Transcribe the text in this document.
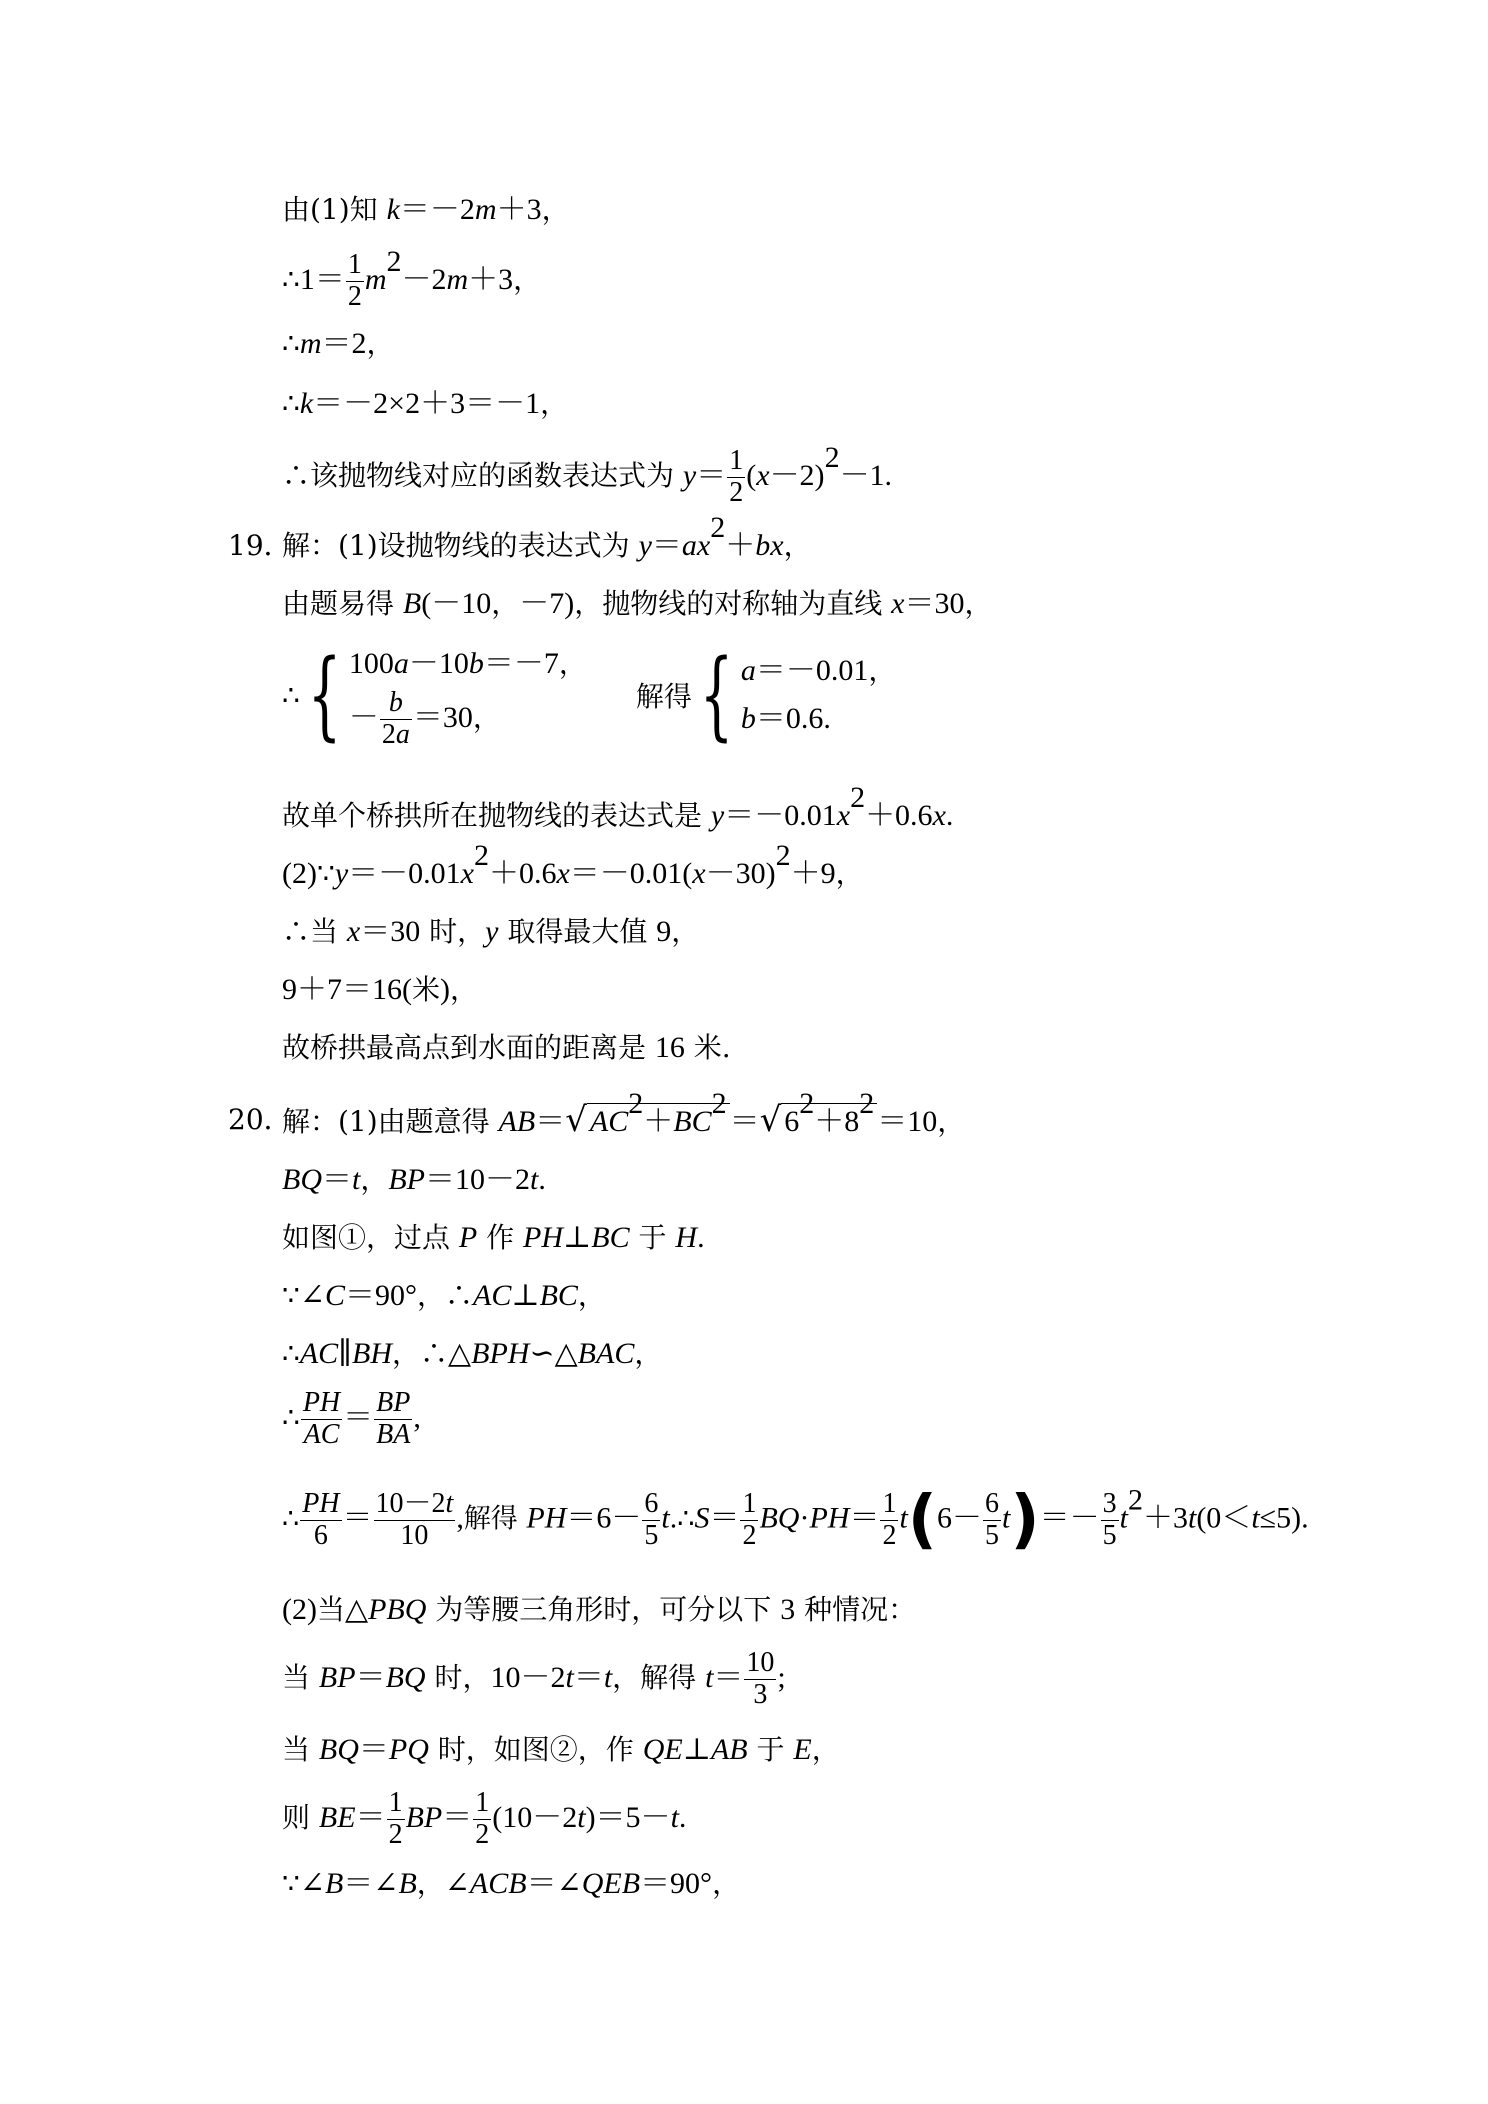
由(1)知 k＝－2m＋3，
∴1＝ $\frac{1}{2} m^2-2m+3$，
∴m＝2，
∴k＝－2×2＋3＝－1，
∴该抛物线对应的函数表达式为 $y= \frac{1}{2} (x-2)^2-1$.
19．
解：(1)设抛物线的表达式为 $y=ax^2+bx$，
由题易得 B(－10，－7)，抛物线的对称轴为直线 x＝30，
∴{ 100a－10b＝－7，
－ $\frac{b}{2a} =30$，
解得{ a＝－0.01，
b＝0.6.
故单个桥拱所在抛物线的表达式是 $y=-0.01x^2+0.6x$.
$(2)\because y=-0.01x^2+0.6x=-0.01(x-30)^2+9$，
∴当 x＝30 时，y 取得最大值 9，
9＋7＝16(米)，
故桥拱最高点到水面的距离是 16 米.
20．
解：(1)由题意得 AB＝√ $AC^2+BC^2=√$ $6^2+8^2=10$，
BQ＝t，BP＝10－2t.
如图①，过点 P 作 PH⊥BC 于 H.
∵∠C＝90°，∴AC⊥BC，
∴AC∥BH，∴△BPH∽△BAC，
∴ $\frac{PH}{AC} = \frac{BP}{BA}$ ,
∴ $\frac{PH}{6} = \frac{10-2t}{10}$ ,解得 $PH=6- \frac{6}{5}$ t.∴S＝ $\frac{1}{2} BQ\cdot PH= \frac{1}{2} t(6- \frac{6}{5} t)=- \frac{3}{5} t^2+3t(0<t\le 5)$.
(2)当△PBQ 为等腰三角形时，可分以下 3 种情况：
当 BP＝BQ 时，10－2t＝t，解得 $t= \frac{10}{3}$ ;
当 BQ＝PQ 时，如图②，作 QE⊥AB 于 E，
则 $BE= \frac{1}{2} BP= \frac{1}{2} (10-2t)=5-t$.
∵∠B＝∠B，∠ACB＝∠QEB＝90°，
